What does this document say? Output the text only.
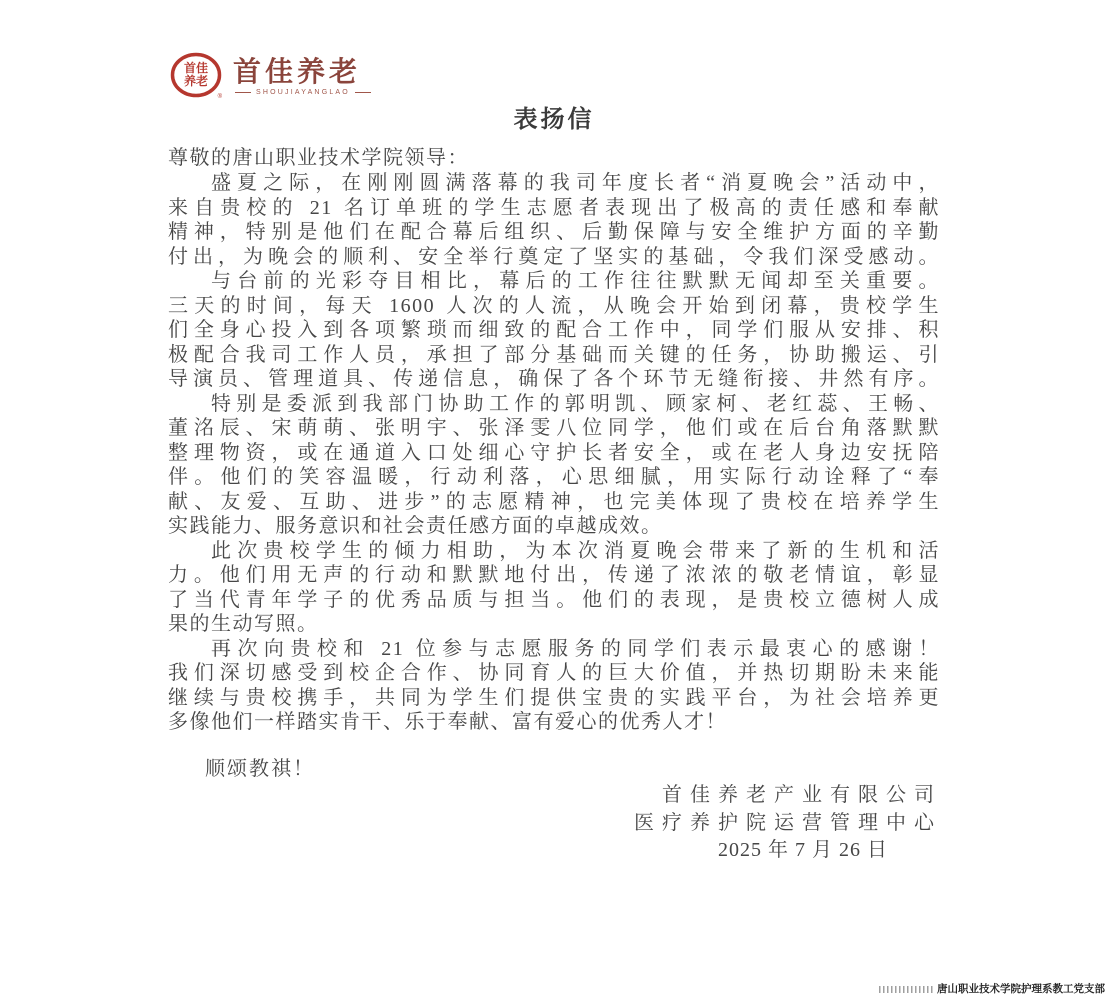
首佳
养老
®
首佳养老
SHOUJIAYANGLAO
表扬信
尊敬的唐山职业技术学院领导：
盛夏之际，在刚刚圆满落幕的我司年度长者“消夏晚会”活动中，
来自贵校的 21 名订单班的学生志愿者表现出了极高的责任感和奉献
精神，特别是他们在配合幕后组织、后勤保障与安全维护方面的辛勤
付出，为晚会的顺利、安全举行奠定了坚实的基础，令我们深受感动。
与台前的光彩夺目相比，幕后的工作往往默默无闻却至关重要。
三天的时间，每天 1600 人次的人流，从晚会开始到闭幕，贵校学生
们全身心投入到各项繁琐而细致的配合工作中，同学们服从安排、积
极配合我司工作人员，承担了部分基础而关键的任务，协助搬运、引
导演员、管理道具、传递信息，确保了各个环节无缝衔接、井然有序。
特别是委派到我部门协助工作的郭明凯、顾家柯、老红蕊、王畅、
董洺辰、宋萌萌、张明宇、张泽雯八位同学，他们或在后台角落默默
整理物资，或在通道入口处细心守护长者安全，或在老人身边安抚陪
伴。他们的笑容温暖，行动利落，心思细腻，用实际行动诠释了“奉
献、友爱、互助、进步”的志愿精神，也完美体现了贵校在培养学生
实践能力、服务意识和社会责任感方面的卓越成效。
此次贵校学生的倾力相助，为本次消夏晚会带来了新的生机和活
力。他们用无声的行动和默默地付出，传递了浓浓的敬老情谊，彰显
了当代青年学子的优秀品质与担当。他们的表现，是贵校立德树人成
果的生动写照。
再次向贵校和 21 位参与志愿服务的同学们表示最衷心的感谢！
我们深切感受到校企合作、协同育人的巨大价值，并热切期盼未来能
继续与贵校携手，共同为学生们提供宝贵的实践平台，为社会培养更
多像他们一样踏实肯干、乐于奉献、富有爱心的优秀人才！
顺颂教祺！
首佳养老产业有限公司
医疗养护院运营管理中心
2025 年 7 月 26 日
唐山职业技术学院护理系教工党支部
